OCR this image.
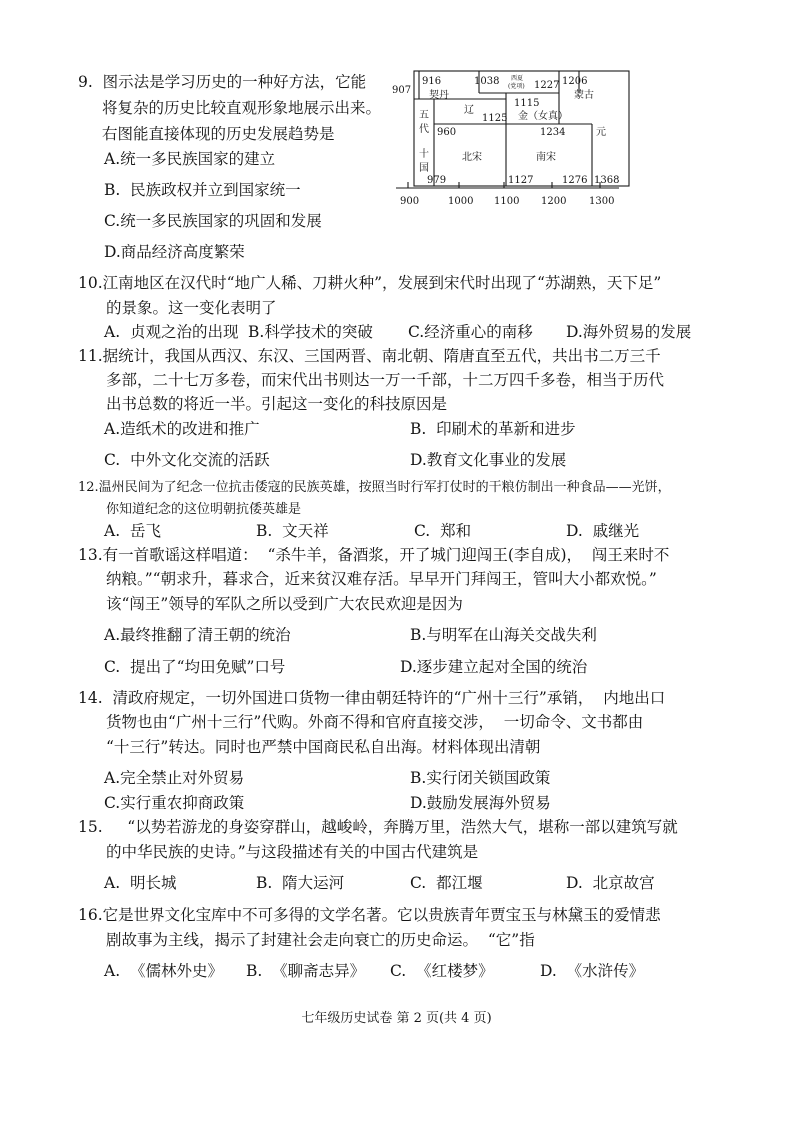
9.  图示法是学习历史的一种好方法，它能
将复杂的历史比较直观形象地展示出来。
右图能直接体现的历史发展趋势是
A.统一多民族国家的建立
B.  民族政权并立到国家统一
C.统一多民族国家的巩固和发展
D.商品经济高度繁荣
907
916
契丹
1038 西夏
(党项) 1227 1206
蒙古
辽
1125
1115
金（女真）
五
代 960	1234	元
十
国
979
北宋	南宋
1127	1276 1368
900	1000 1100 1200 1300
10.江南地区在汉代时“地广人稀、刀耕火种”，发展到宋代时出现了“苏湖熟，天下足”
的景象。这一变化表明了
A.  贞观之治的出现 B.科学技术的突破 C.经济重心的南移 D.海外贸易的发展
11.据统计，我国从西汉、东汉、三国两晋、南北朝、隋唐直至五代，共出书二万三千
多部，二十七万多卷，而宋代出书则达一万一千部，十二万四千多卷，相当于历代
出书总数的将近一半。引起这一变化的科技原因是
A.造纸术的改进和推广	B.  印刷术的革新和进步
C.  中外文化交流的活跃	D.教育文化事业的发展
12.温州民间为了纪念一位抗击倭寇的民族英雄，按照当时行军打仗时的干粮仿制出一种食品——光饼，
你知道纪念的这位明朝抗倭英雄是
A.  岳飞	B.  文天祥	C.  郑和	D.  戚继光
13.有一首歌谣这样唱道：  “杀牛羊，备酒浆，开了城门迎闯王(李自成)，  闯王来时不
纳粮。”“朝求升，暮求合，近来贫汉难存活。早早开门拜闯王，管叫大小都欢悦。”
该“闯王”领导的军队之所以受到广大农民欢迎是因为
A.最终推翻了清王朝的统治	B.与明军在山海关交战失利
C.  提出了“均田免赋”口号	D.逐步建立起对全国的统治
14.  清政府规定，一切外国进口货物一律由朝廷特许的“广州十三行”承销，  内地出口
货物也由“广州十三行”代购。外商不得和官府直接交涉，  一切命令、文书都由
“十三行”转达。同时也严禁中国商民私自出海。材料体现出清朝
A.完全禁止对外贸易	B.实行闭关锁国政策
C.实行重农抑商政策	D.鼓励发展海外贸易
15.     “以势若游龙的身姿穿群山，越峻岭，奔腾万里，浩然大气，堪称一部以建筑写就
的中华民族的史诗。”与这段描述有关的中国古代建筑是
A.  明长城	B.  隋大运河	C.  都江堰	D.  北京故宫
16.它是世界文化宝库中不可多得的文学名著。它以贵族青年贾宝玉与林黛玉的爱情悲
剧故事为主线，揭示了封建社会走向衰亡的历史命运。  “它”指
A.  《儒林外史》 B.  《聊斋志异》 C.  《红楼梦》	D.  《水浒传》
七年级历史试卷 第 2 页(共 4 页)
